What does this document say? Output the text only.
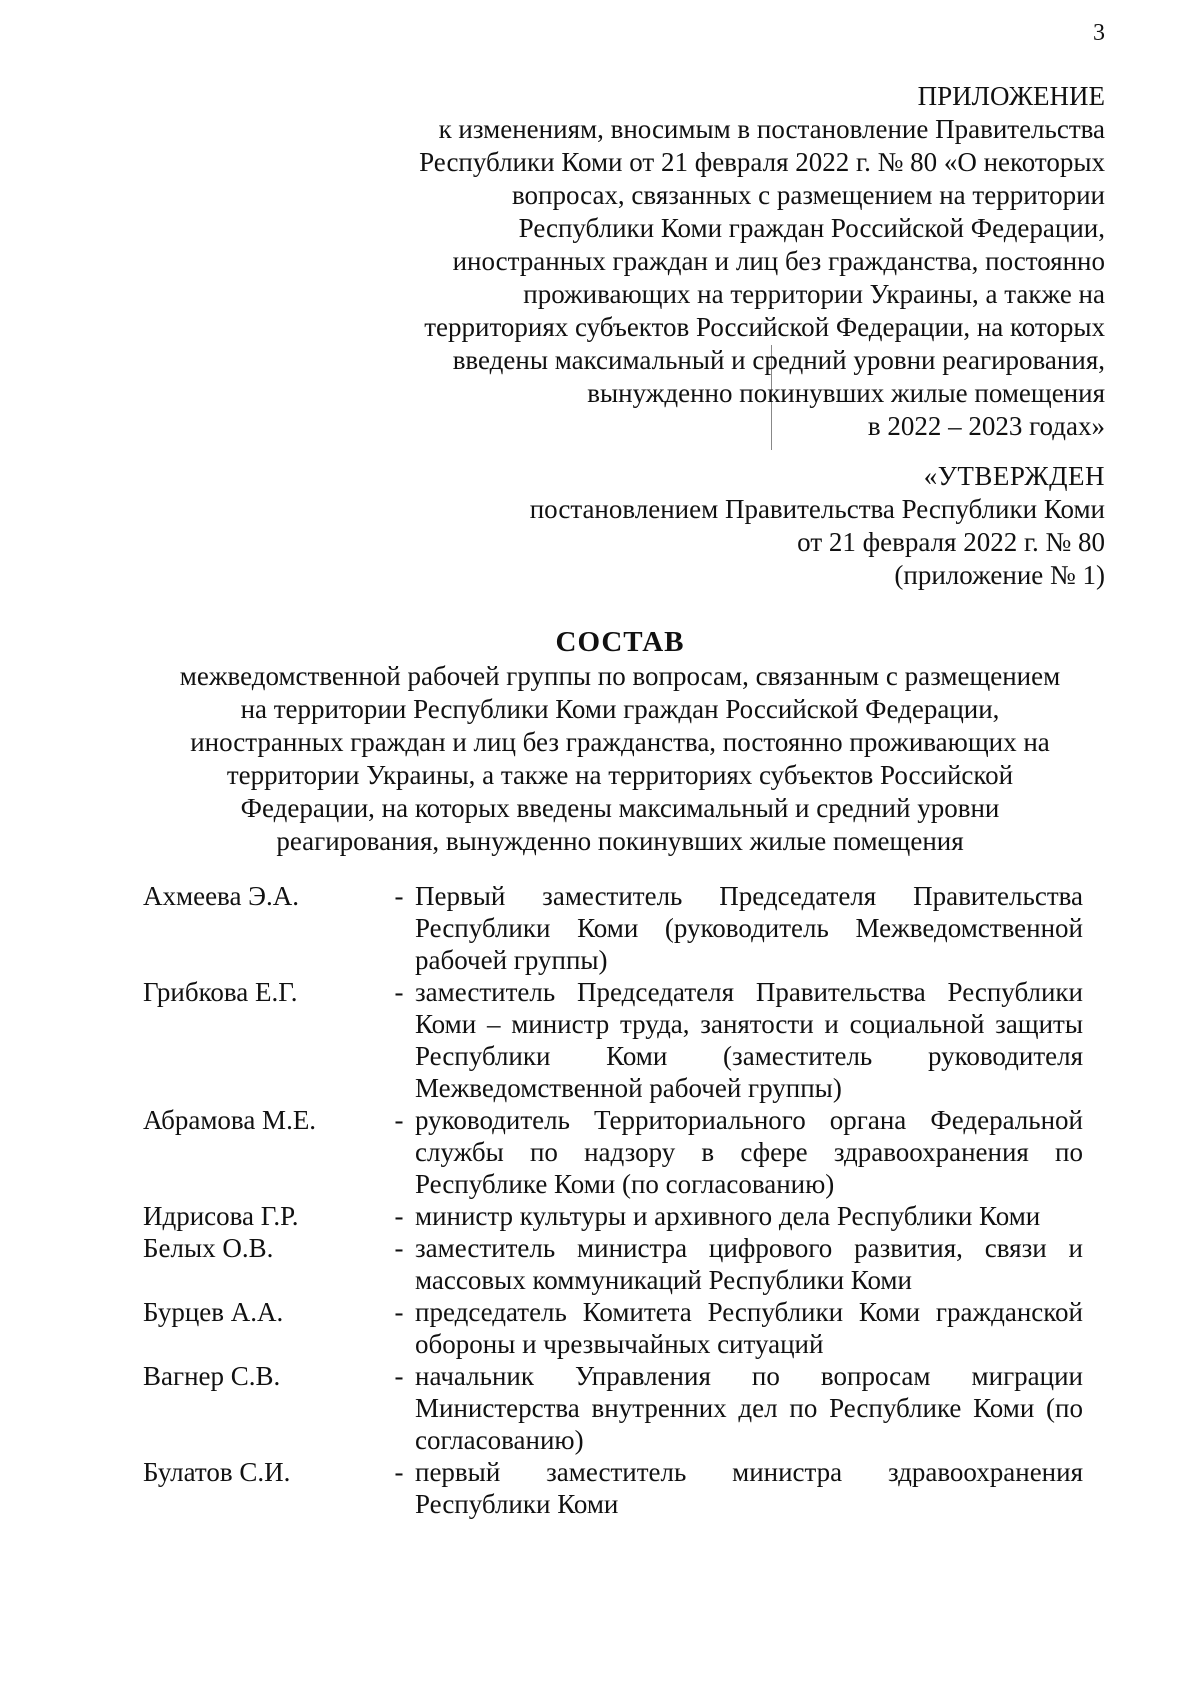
3
ПРИЛОЖЕНИЕ
к изменениям, вносимым в постановление Правительства
Республики Коми от 21 февраля 2022 г. № 80 «О некоторых
вопросах, связанных с размещением на территории
Республики Коми граждан Российской Федерации,
иностранных граждан и лиц без гражданства, постоянно
проживающих на территории Украины, а также на
территориях субъектов Российской Федерации, на которых
введены максимальный и средний уровни реагирования,
вынужденно покинувших жилые помещения
в 2022 – 2023 годах»
«УТВЕРЖДЕН
постановлением Правительства Республики Коми
от 21 февраля 2022 г. № 80
(приложение № 1)
СОСТАВ
межведомственной рабочей группы по вопросам, связанным с размещением
на территории Республики Коми граждан Российской Федерации,
иностранных граждан и лиц без гражданства, постоянно проживающих на
территории Украины, а также на территориях субъектов Российской
Федерации, на которых введены максимальный и средний уровни
реагирования, вынужденно покинувших жилые помещения
Ахмеева Э.А.	- Первый заместитель Председателя Правительства Республики Коми (руководитель Межведомственной рабочей группы)
Грибкова Е.Г.	- заместитель Председателя Правительства Республики Коми – министр труда, занятости и социальной защиты Республики Коми (заместитель руководителя Межведомственной рабочей группы)
Абрамова М.Е.	- руководитель Территориального органа Федеральной службы по надзору в сфере здравоохранения по Республике Коми (по согласованию)
Идрисова Г.Р.	- министр культуры и архивного дела Республики Коми
Белых О.В.	- заместитель министра цифрового развития, связи и массовых коммуникаций Республики Коми
Бурцев А.А.	- председатель Комитета Республики Коми гражданской обороны и чрезвычайных ситуаций
Вагнер С.В.	- начальник Управления по вопросам миграции Министерства внутренних дел по Республике Коми (по согласованию)
Булатов С.И.	- первый заместитель министра здравоохранения Республики Коми
